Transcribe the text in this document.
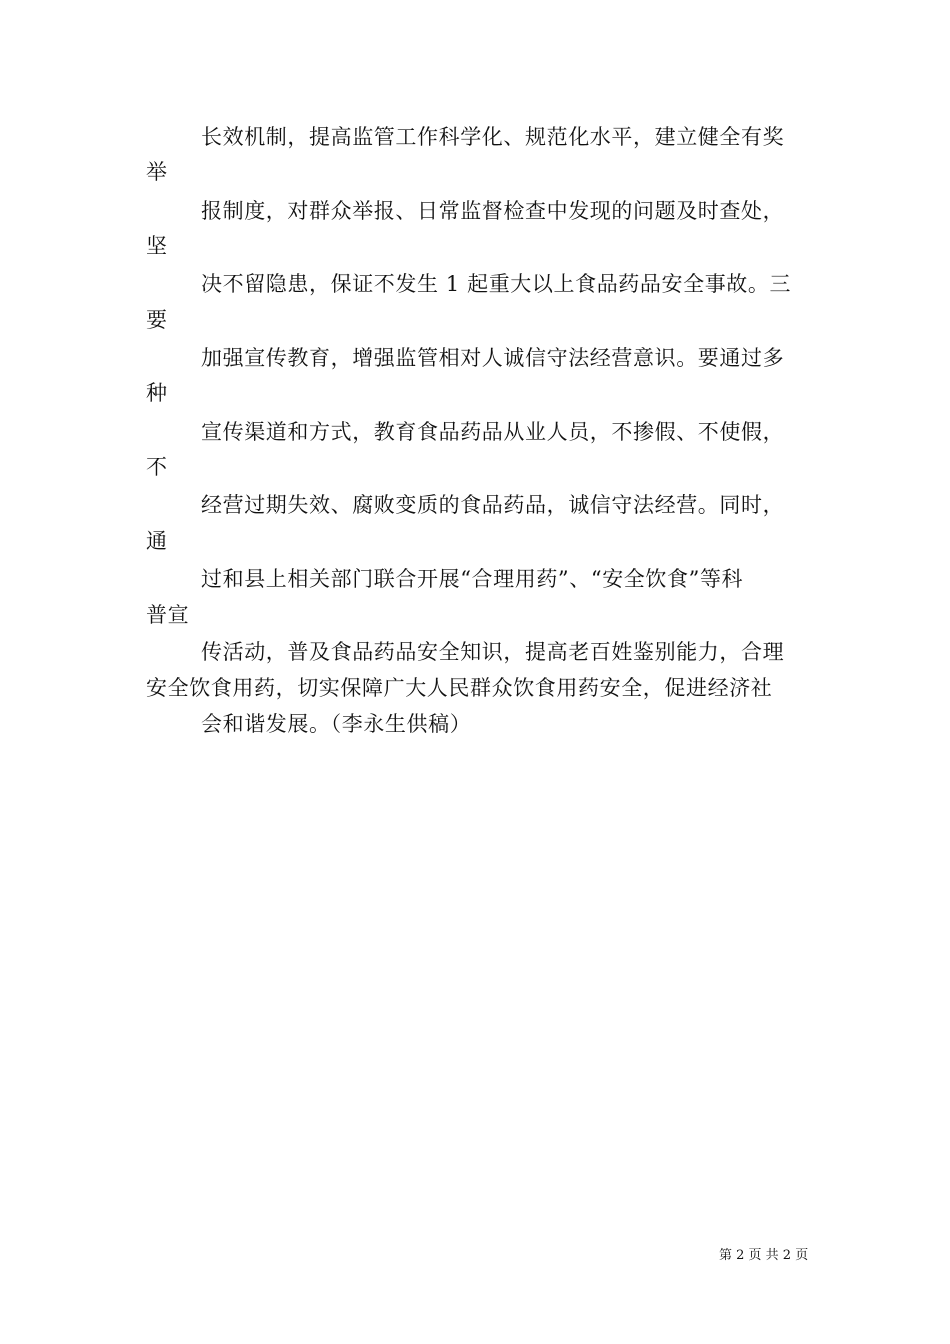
长效机制，提高监管工作科学化、规范化水平，建立健全有奖
举
报制度，对群众举报、日常监督检查中发现的问题及时查处，
坚
决不留隐患，保证不发生 1 起重大以上食品药品安全事故。三
要
加强宣传教育，增强监管相对人诚信守法经营意识。要通过多
种
宣传渠道和方式，教育食品药品从业人员，不掺假、不使假，
不
经营过期失效、腐败变质的食品药品，诚信守法经营。同时，
通
过和县上相关部门联合开展“合理用药”、“安全饮食”等科
普宣
传活动，普及食品药品安全知识，提高老百姓鉴别能力，合理
安全饮食用药，切实保障广大人民群众饮食用药安全，促进经济社
会和谐发展。（李永生供稿）
第 2 页 共 2 页
